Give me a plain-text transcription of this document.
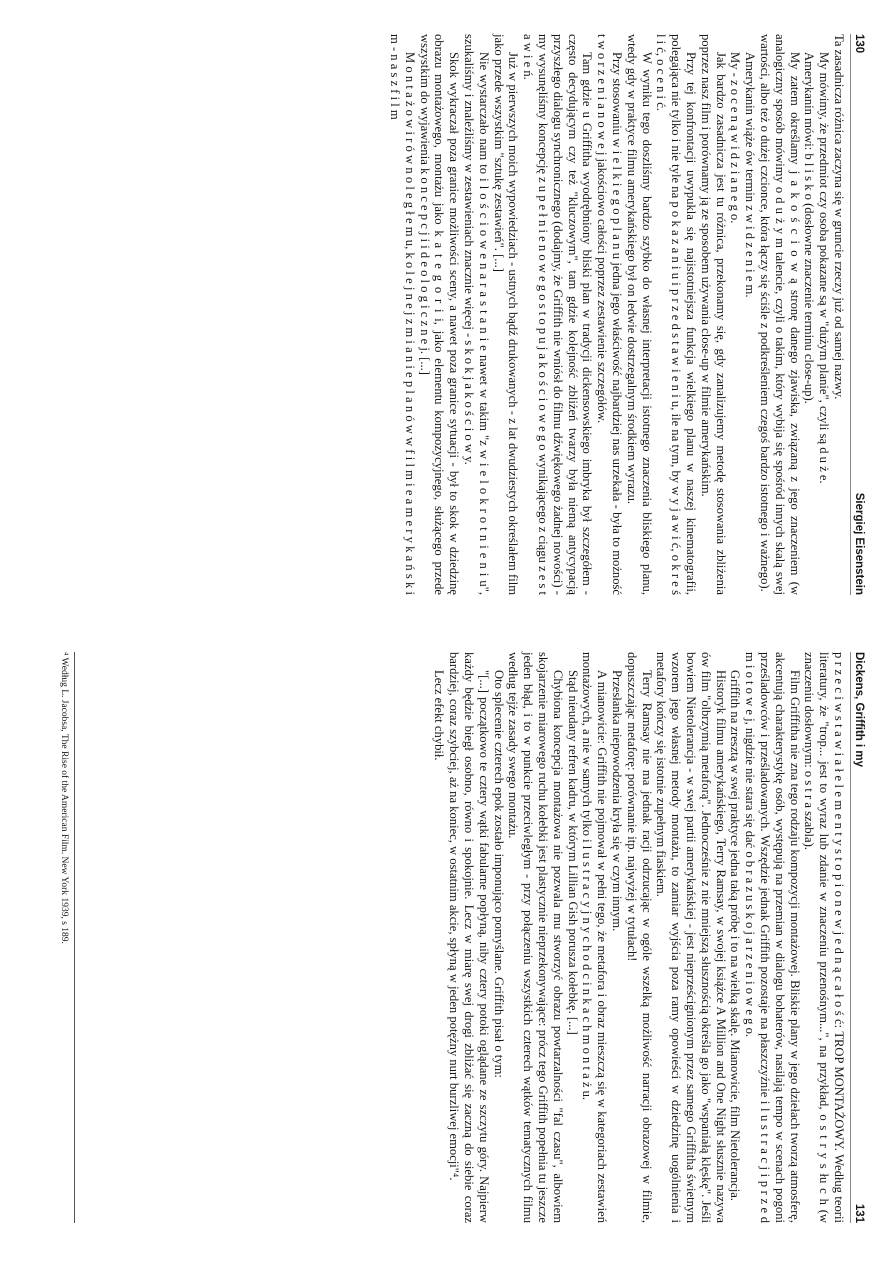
130
Siergiej Eisenstein

Ta zasadnicza różnica zaczyna się w gruncie rzeczy już od samej nazwy.

My mówimy, że przedmiot czy osoba pokazane są w "dużym planie", czyli są d u ż e.

Amerykanin mówi: b l i s k o (dosłowne znaczenie terminu close-up).

My zatem określamy j a k o ś c i o w ą stronę danego zjawiska, związaną z jego znaczeniem (w analogiczny sposób mówimy o d u ż y m talencie, czyli o takim, który wybija się spośród innych skalą swej wartości, albo też o dużej czcionce, która łączy się ściśle z podkreśleniem czegoś bardzo istotnego i ważnego).

Amerykanin wiąże ów termin z w i d z e n i e m.

My - z o c e n ą w i d z i a n e g o.

Jak bardzo zasadnicza jest tu różnica, przekonamy się, gdy zanalizujemy metodę stosowania zbliżenia poprzez nasz film i porównamy ją ze sposobem używania close-up w filmie amerykańskim.

Przy tej konfrontacji uwypukla się najistotniejsza funkcja wielkiego planu w naszej kinematografii, polegająca nie tylko i nie tyle na p o k a z a n i u i p r z e d s t a w i e n i u, ile na tym, by w y j a w i ć, o k r e ś l i ć, o c e n i ć.

W wyniku tego doszliśmy bardzo szybko do własnej interpretacji istotnego znaczenia bliskiego planu, wtedy gdy w praktyce filmu amerykańskiego był on ledwie dostrzegalnym środkiem wyrazu.

Przy stosowaniu w i e l k i e g o p l a n u jedna jego właściwość najbardziej nas urzekała - była to możność t w o r z e n i a n o w e j jakościowo całości poprzez zestawienie szczegółów.

Tam gdzie u Griffitha wyodrębniony bliski plan w tradycji dickensowskiego imbryka był szczegółem - często decydującym czy też "kluczowym", tam gdzie kolejność zbliżeń twarzy była niemą antycypacją przyszłego dialogu synchronicznego (dodajmy, że Griffith nie wniósł do filmu dźwiękowego żadnej nowości) - my wysunęliśmy koncepcję z u p e ł n i e n o w e g o s t o p u j a k o ś c i o w e g o wynikającego z ciągu z e s t a w i e ń.

Już w pierwszych moich wypowiedziach - ustnych bądź drukowanych - z lat dwudziestych określałem film jako przede wszystkim "sztukę zestawień". [...]

Nie wystarczało nam to i l o ś c i o w e n a r a s t a n i e nawet w takim "z w i e l o k r o t n i e n i u", szukaliśmy i znaleźliśmy w zestawieniach znacznie więcej - s k o k j a k o ś c i o w y.

Skok wykraczał poza granice możliwości sceny, a nawet poza granice sytuacji - był to skok w dziedzinę obrazu montażowego, montażu jako k a t e g o r i i, jako elementu kompozycyjnego, służącego przede wszystkim do wyjawienia k o n c e p c j i i d e o l o g i c z n e j. [...]

M o n t a ż o w i r ó w n o l e g ł e m u, k o l e j n e j z m i a n i e p l a n ó w w f i l m i e a m e r y k a ń s k i m - n a s z f i l m

Dickens, Griffith i my
131

p r z e c i w s t a w i a ł e l e m e n t y s t o p i o n e w j e d n ą c a ł o ś ć: TROP MONTAŻOWY. Według teorii literatury, że "trop... jest to wyraz lub zdanie w znaczeniu przenośnym...", na przykład, o s t r y s łu c h (w znaczeniu dosłownym: o s t r a szabla).

Film Griffitha nie zna tego rodzaju kompozycji montażowej. Bliskie plany w jego dziełach tworzą atmosferę, akcentują charakterystykę osób, występują na przemian w dialogu bohaterów, nasilają tempo w scenach pogoni prześladowców i prześladowanych. Wszędzie jednak Griffith pozostaje na płaszczyźnie i l u s t r a c j i p r z e d m i o t o w e j, nigdzie nie stara się dać o b r a z u s k o j a r z e n i o w e g o.

Griffith na zresztą w swej praktyce jedna taką próbę i to na wielką skalę. Mianowicie, film Nietolerancja.

Historyk filmu amerykańskiego, Terry Ramsay, w swojej książce A Million and One Night słusznie nazywa ów film "olbrzymią metaforą". Jednocześnie z nie mniejszą słusznością określa go jako "wspaniałą klęskę". Jeśli bowiem Nietolerancja - w swej partii amerykańskiej - jest nieprześcignionym przez samego Griffitha świetnym wzorem jego własnej metody montażu, to zamiar wyjścia poza ramy opowieści w dziedzinę uogólnienia i metafory kończy się istotnie zupełnym fiaskiem.

Terry Ramsay nie ma jednak racji odrzucając w ogóle wszelką możliwość narracji obrazowej w filmie, dopuszczając metaforę: porównanie itp. najwyżej w tytułach!

Przesłanka niepowodzenia kryła się w czym innym.

A mianowicie: Griffith nie pojmował w pełni tego, że metafora i obraz mieszczą się w kategoriach zestawień montażowych, a nie w samych tylko i l u s t r a c y j n y c h o d c i n k a c h m o n t a ż u.

Stąd nieudany refren kadru, w którym Lillian Gish porusza kołebkę. [...]

Chybiona koncepcja montażowa nie pozwala mu stworzyć obrazu powtarzalności "fal czasu", albowiem skojarzenie miarowego ruchu kołebki jest plastycznie nieprzekonywające: prócz tego Griffith popełnia tu jeszcze jeden błąd, i to w punkcie przeciwległym - przy połączeniu wszystkich czterech wątków tematycznych filmu według tejże zasady swego montażu.

Oto splecenie czterech epok zostało imponująco pomyślane. Griffith pisał o tym:

"[...] początkowo te cztery wątki fabularne popłyną, niby cztery potoki oglądane ze szczytu góry. Najpierw każdy będzie biegł osobno, równo i spokojnie. Lecz w miarę swej drogi zbliżać się zaczną do siebie coraz bardziej, coraz szybciej, aż na koniec, w ostatnim akcie, spłyną w jeden potężny nurt burzliwej emocji"⁴.

Lecz efekt chybił.

⁴ Według L. Jacobsa, The Rise of the American Film. New York 1939, s 189.
